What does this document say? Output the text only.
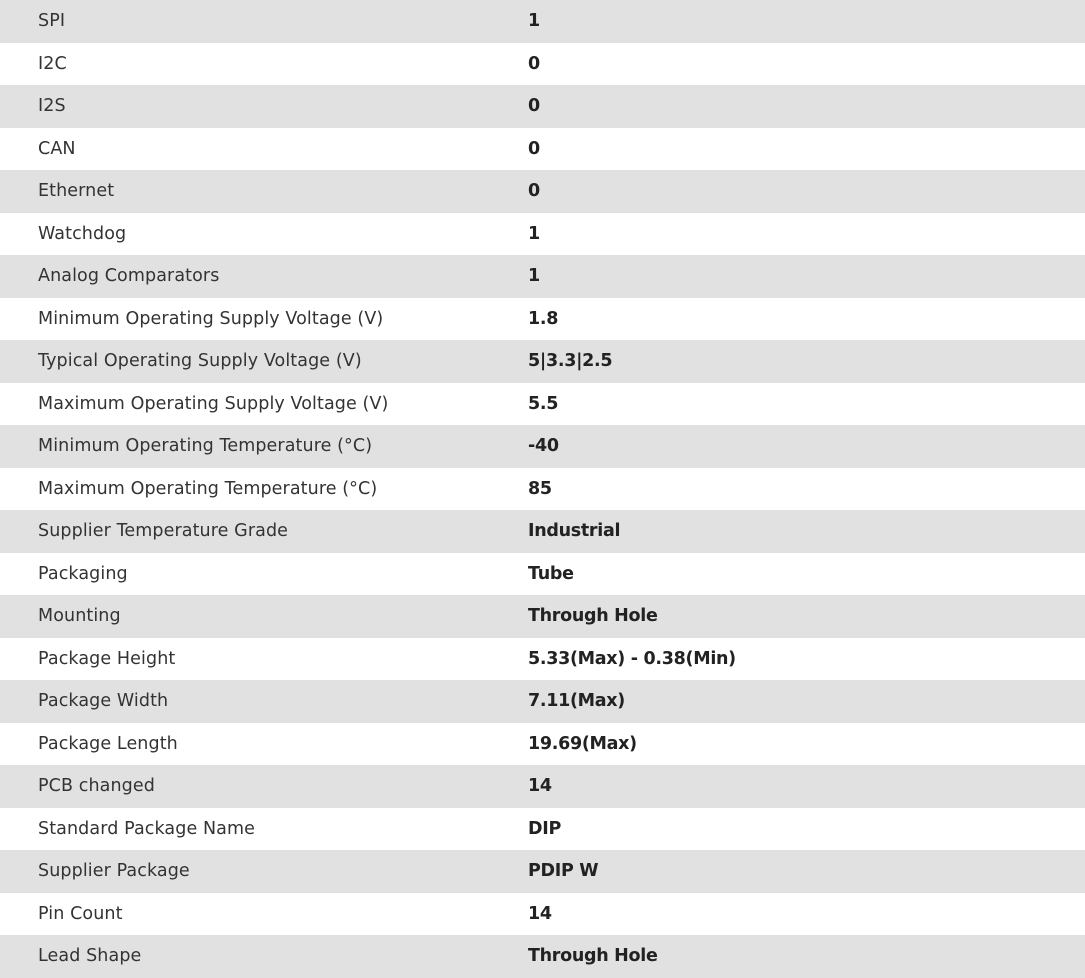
SPI	1
I2C	0
I2S	0
CAN	0
Ethernet	0
Watchdog	1
Analog Comparators	1
Minimum Operating Supply Voltage (V)	1.8
Typical Operating Supply Voltage (V)	5|3.3|2.5
Maximum Operating Supply Voltage (V)	5.5
Minimum Operating Temperature (°C)	-40
Maximum Operating Temperature (°C)	85
Supplier Temperature Grade	Industrial
Packaging	Tube
Mounting	Through Hole
Package Height	5.33(Max) - 0.38(Min)
Package Width	7.11(Max)
Package Length	19.69(Max)
PCB changed	14
Standard Package Name	DIP
Supplier Package	PDIP W
Pin Count	14
Lead Shape	Through Hole
